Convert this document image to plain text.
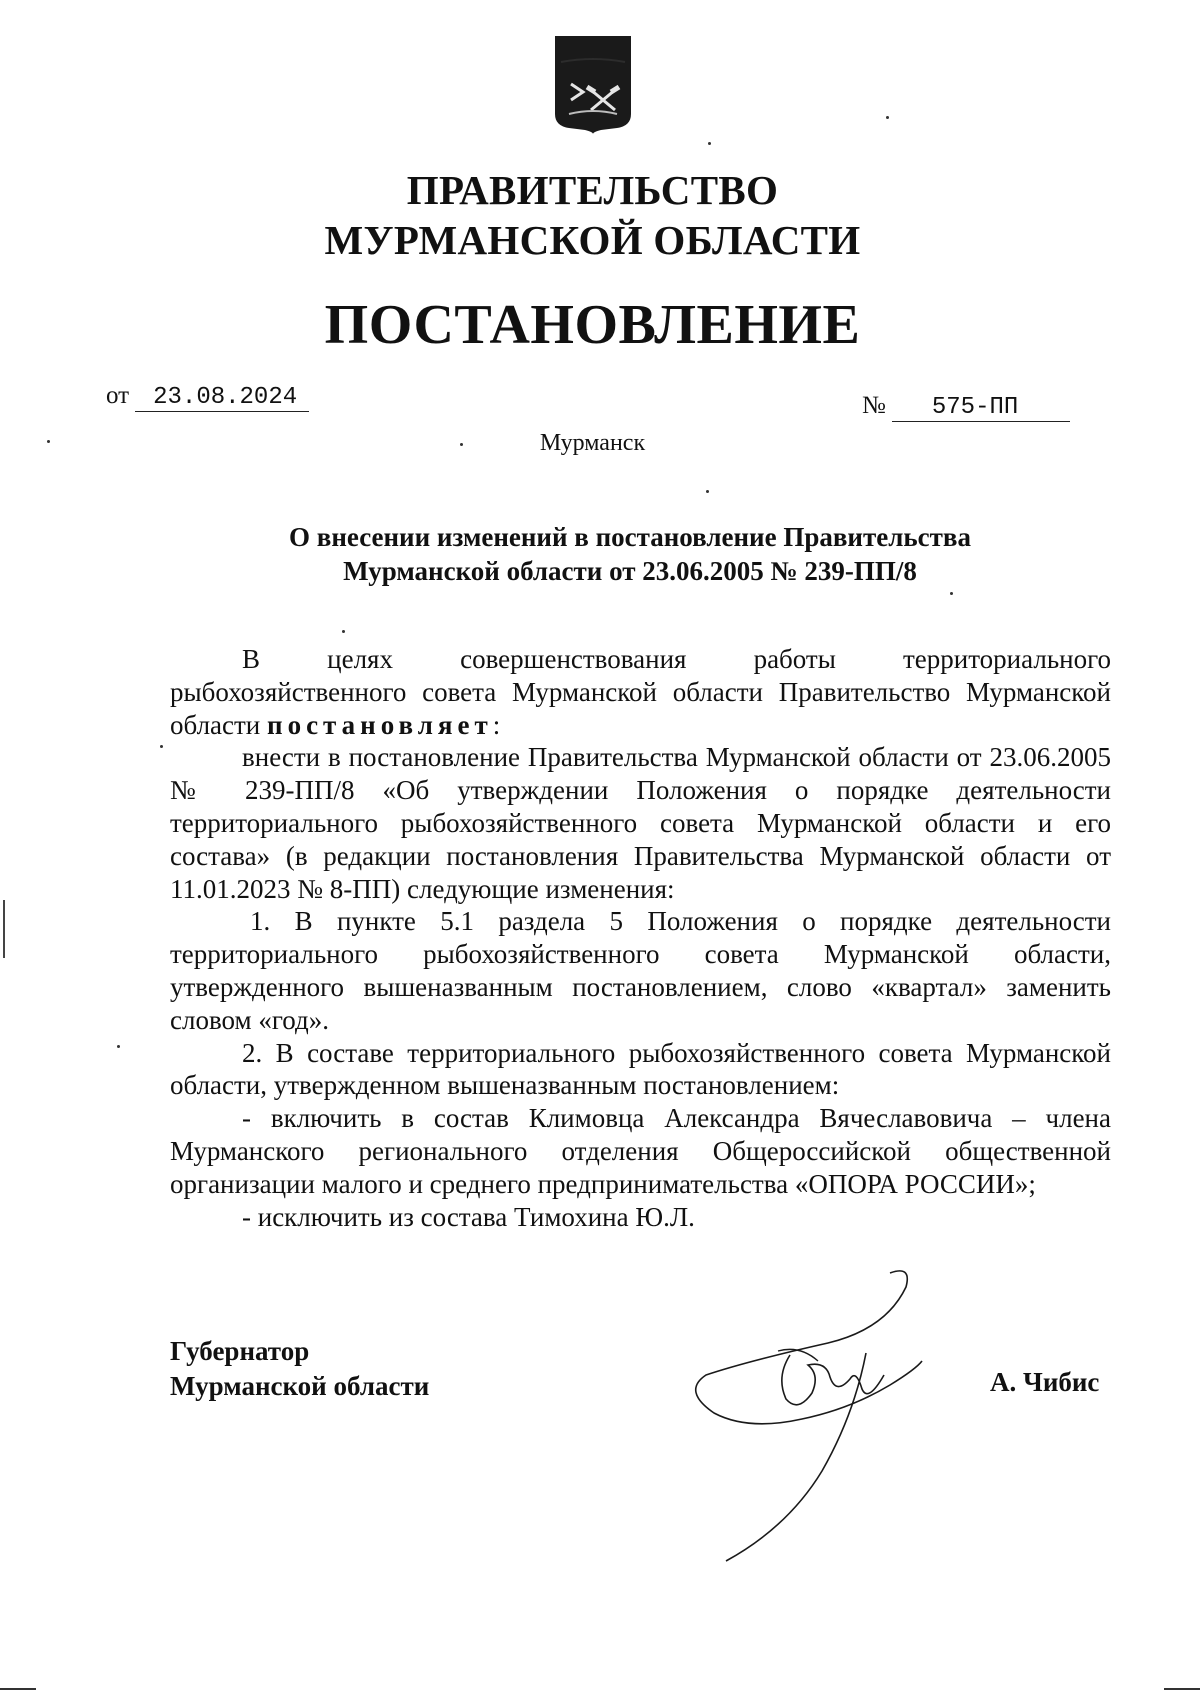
ПРАВИТЕЛЬСТВО
МУРМАНСКОЙ ОБЛАСТИ
ПОСТАНОВЛЕНИЕ
от 23.08.2024	№ 575-ПП
Мурманск
О внесении изменений в постановление Правительства
Мурманской области от 23.06.2005 № 239-ПП/8

В целях совершенствования работы территориального рыбохозяйственного совета Мурманской области Правительство Мурманской области постановляет:

внести в постановление Правительства Мурманской области от 23.06.2005 № 239-ПП/8 «Об утверждении Положения о порядке деятельности территориального рыбохозяйственного совета Мурманской области и его состава» (в редакции постановления Правительства Мурманской области от 11.01.2023 № 8-ПП) следующие изменения:

1. В пункте 5.1 раздела 5 Положения о порядке деятельности территориального рыбохозяйственного совета Мурманской области, утвержденного вышеназванным постановлением, слово «квартал» заменить словом «год».

2. В составе территориального рыбохозяйственного совета Мурманской области, утвержденном вышеназванным постановлением:

- включить в состав Климовца Александра Вячеславовича – члена Мурманского регионального отделения Общероссийской общественной организации малого и среднего предпринимательства «ОПОРА РОССИИ»;

- исключить из состава Тимохина Ю.Л.

Губернатор
Мурманской области	А. Чибис
